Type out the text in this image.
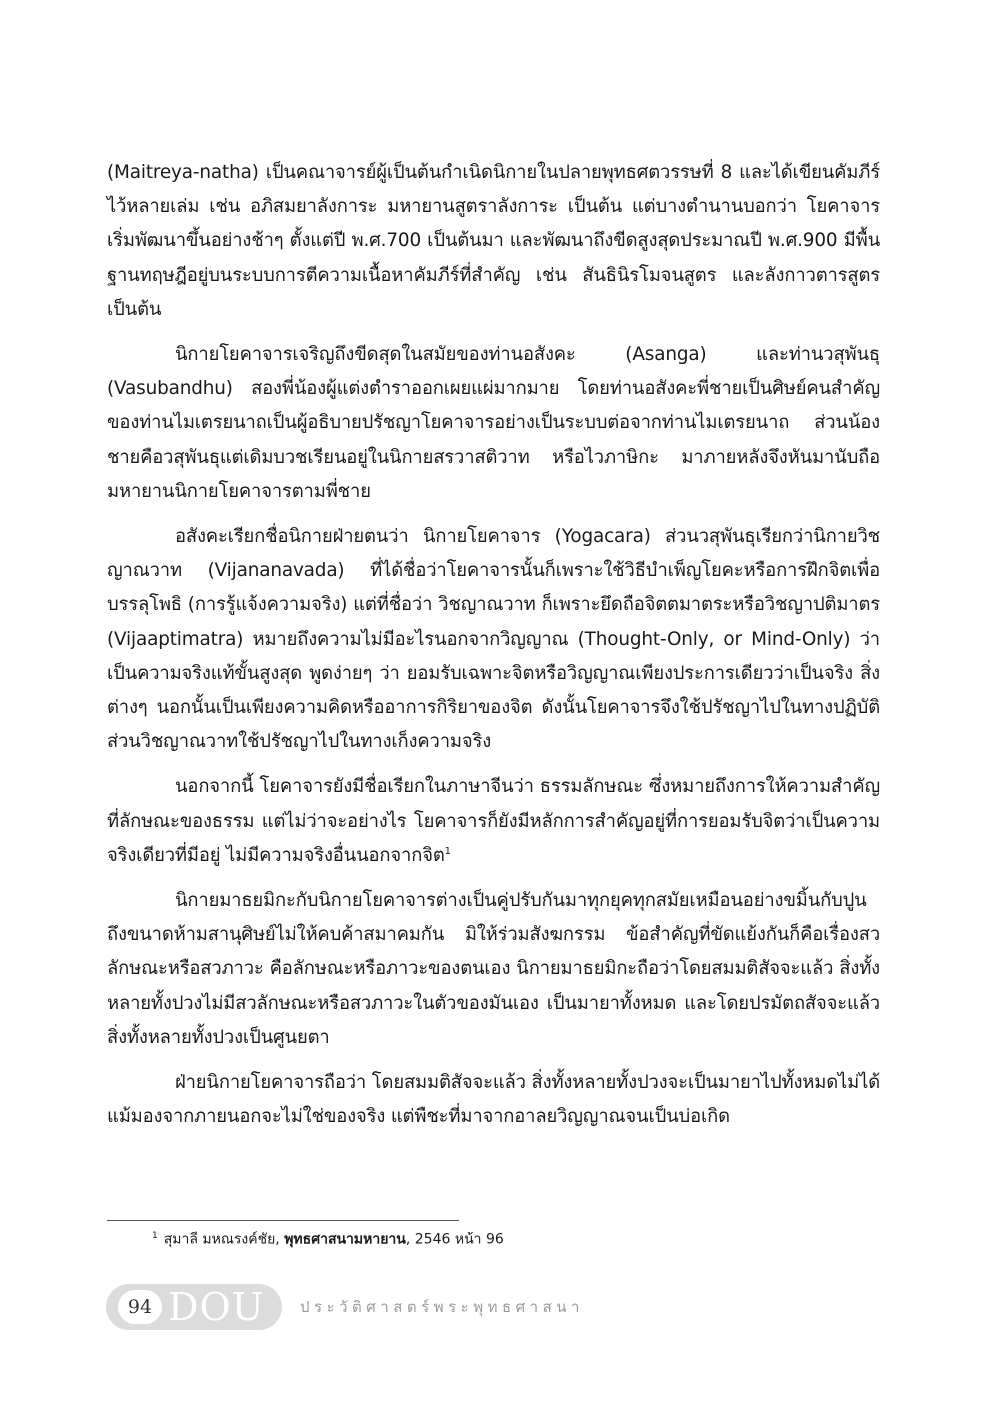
(Maitreya-natha) เป็นคณาจารย์ผู้เป็นต้นกำเนิดนิกายในปลายพุทธศตวรรษที่ 8 และได้เขียนคัมภีร์ไว้หลายเล่ม เช่น อภิสมยาลังการะ มหายานสูตราลังการะ เป็นต้น แต่บางตำนานบอกว่า โยคาจารเริ่มพัฒนาขึ้นอย่างช้าๆ ตั้งแต่ปี พ.ศ.700 เป็นต้นมา และพัฒนาถึงขีดสูงสุดประมาณปี พ.ศ.900 มีพื้นฐานทฤษฎีอยู่บนระบบการตีความเนื้อหาคัมภีร์ที่สำคัญ เช่น สันธินิรโมจนสูตร และลังกาวตารสูตร เป็นต้น

นิกายโยคาจารเจริญถึงขีดสุดในสมัยของท่านอสังคะ (Asanga) และท่านวสุพันธุ (Vasubandhu) สองพี่น้องผู้แต่งตำราออกเผยแผ่มากมาย โดยท่านอสังคะพี่ชายเป็นศิษย์คนสำคัญของท่านไมเตรยนาถเป็นผู้อธิบายปรัชญาโยคาจารอย่างเป็นระบบต่อจากท่านไมเตรยนาถ ส่วนน้องชายคือวสุพันธุแต่เดิมบวชเรียนอยู่ในนิกายสรวาสติวาท หรือไวภาษิกะ มาภายหลังจึงหันมานับถือมหายานนิกายโยคาจารตามพี่ชาย

อสังคะเรียกชื่อนิกายฝ่ายตนว่า นิกายโยคาจาร (Yogacara) ส่วนวสุพันธุเรียกว่านิกายวิชญาณวาท (Vijananavada) ที่ได้ชื่อว่าโยคาจารนั้นก็เพราะใช้วิธีบำเพ็ญโยคะหรือการฝึกจิตเพื่อบรรลุโพธิ (การรู้แจ้งความจริง) แต่ที่ชื่อว่า วิชญาณวาท ก็เพราะยึดถือจิตตมาตระหรือวิชญาปติมาตร (Vijaaptimatra) หมายถึงความไม่มีอะไรนอกจากวิญญาณ (Thought-Only, or Mind-Only) ว่าเป็นความจริงแท้ขั้นสูงสุด พูดง่ายๆ ว่า ยอมรับเฉพาะจิตหรือวิญญาณเพียงประการเดียวว่าเป็นจริง สิ่งต่างๆ นอกนั้นเป็นเพียงความคิดหรืออาการกิริยาของจิต ดังนั้นโยคาจารจึงใช้ปรัชญาไปในทางปฏิบัติ ส่วนวิชญาณวาทใช้ปรัชญาไปในทางเก็งความจริง

นอกจากนี้ โยคาจารยังมีชื่อเรียกในภาษาจีนว่า ธรรมลักษณะ ซึ่งหมายถึงการให้ความสำคัญที่ลักษณะของธรรม แต่ไม่ว่าจะอย่างไร โยคาจารก็ยังมีหลักการสำคัญอยู่ที่การยอมรับจิตว่าเป็นความจริงเดียวที่มีอยู่ ไม่มีความจริงอื่นนอกจากจิต$^1$

นิกายมาธยมิกะกับนิกายโยคาจารต่างเป็นคู่ปรับกันมาทุกยุคทุกสมัยเหมือนอย่างขมิ้นกับปูน ถึงขนาดห้ามสานุศิษย์ไม่ให้คบค้าสมาคมกัน มิให้ร่วมสังฆกรรม ข้อสำคัญที่ขัดแย้งกันก็คือเรื่องสวลักษณะหรือสวภาวะ คือลักษณะหรือภาวะของตนเอง นิกายมาธยมิกะถือว่าโดยสมมติสัจจะแล้ว สิ่งทั้งหลายทั้งปวงไม่มีสวลักษณะหรือสวภาวะในตัวของมันเอง เป็นมายาทั้งหมด และโดยปรมัตถสัจจะแล้ว สิ่งทั้งหลายทั้งปวงเป็นศูนยตา

ฝ่ายนิกายโยคาจารถือว่า โดยสมมติสัจจะแล้ว สิ่งทั้งหลายทั้งปวงจะเป็นมายาไปทั้งหมดไม่ได้ แม้มองจากภายนอกจะไม่ใช่ของจริง แต่พืชะที่มาจากอาลยวิญญาณจนเป็นบ่อเกิด

$^1$ สุมาลี มหณรงค์ชัย, พุทธศาสนามหายาน, 2546 หน้า 96
94 DOU ประวัติศาสตร์พระพุทธศาสนา
